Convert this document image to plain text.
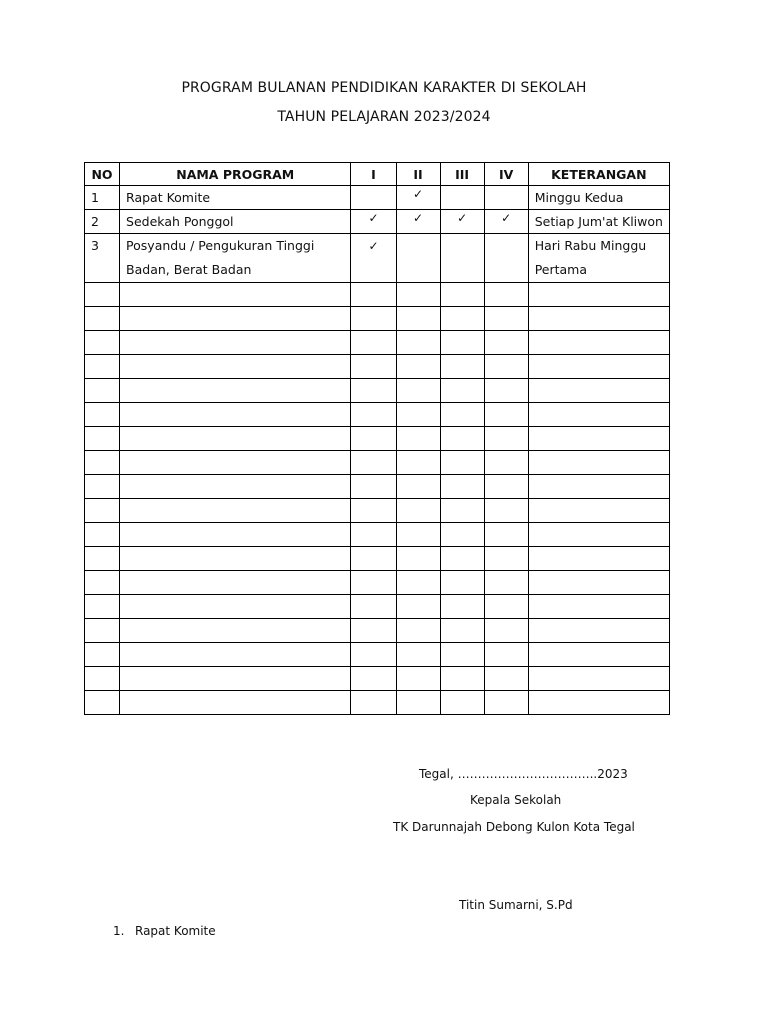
PROGRAM BULANAN PENDIDIKAN KARAKTER DI SEKOLAH
TAHUN PELAJARAN 2023/2024
NO	NAMA PROGRAM	I	II	III	IV	KETERANGAN
1	Rapat Komite		✓			Minggu Kedua
2	Sedekah Ponggol	✓	✓	✓	✓	Setiap Jum'at Kliwon
3	Posyandu / Pengukuran Tinggi Badan, Berat Badan	✓				Hari Rabu Minggu Pertama

Tegal, ……………………………..2023
Kepala Sekolah
TK Darunnajah Debong Kulon Kota Tegal
Titin Sumarni, S.Pd
1. Rapat Komite
